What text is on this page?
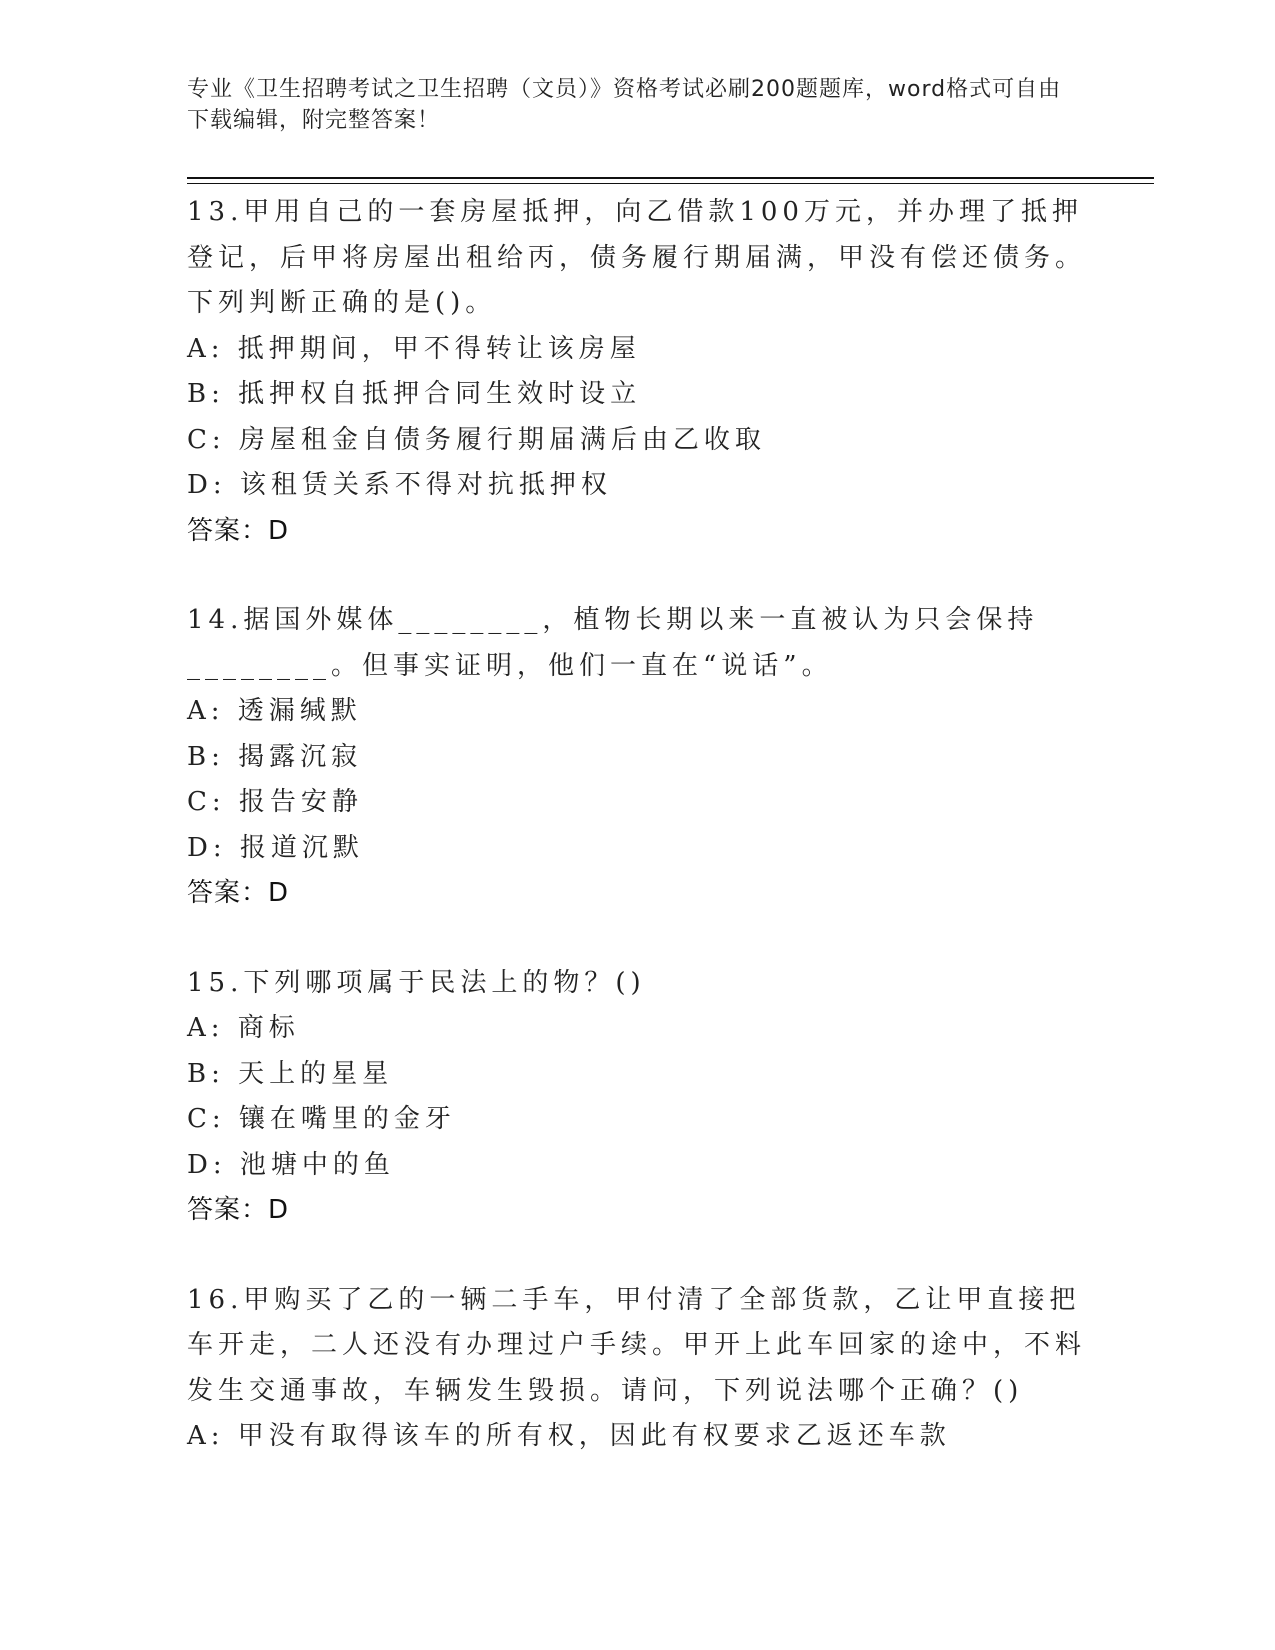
专业《卫生招聘考试之卫生招聘（文员）》资格考试必刷200题题库，word格式可自由下载编辑，附完整答案！
13.甲用自己的一套房屋抵押，向乙借款100万元，并办理了抵押登记，后甲将房屋出租给丙，债务履行期届满，甲没有偿还债务。下列判断正确的是()。
A: 抵押期间，甲不得转让该房屋
B: 抵押权自抵押合同生效时设立
C: 房屋租金自债务履行期届满后由乙收取
D: 该租赁关系不得对抗抵押权
答案：D
14.据国外媒体________，植物长期以来一直被认为只会保持________。但事实证明，他们一直在“说话”。
A: 透漏缄默
B: 揭露沉寂
C: 报告安静
D: 报道沉默
答案：D
15.下列哪项属于民法上的物？()
A: 商标
B: 天上的星星
C: 镶在嘴里的金牙
D: 池塘中的鱼
答案：D
16.甲购买了乙的一辆二手车，甲付清了全部货款，乙让甲直接把车开走，二人还没有办理过户手续。甲开上此车回家的途中，不料发生交通事故，车辆发生毁损。请问，下列说法哪个正确？()
A: 甲没有取得该车的所有权，因此有权要求乙返还车款
